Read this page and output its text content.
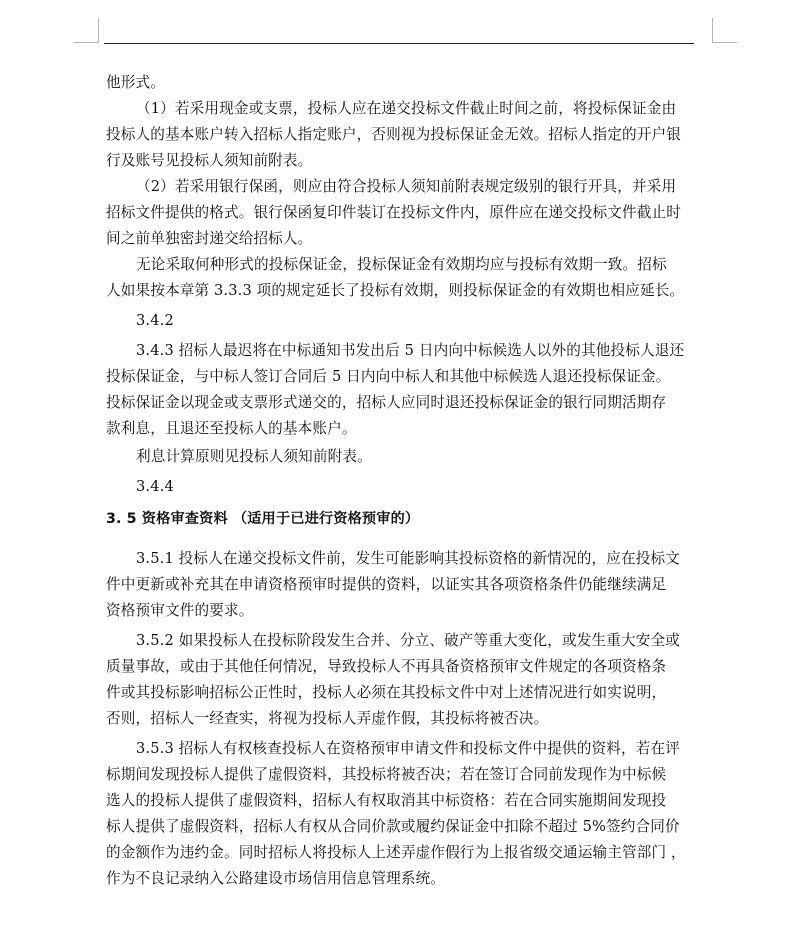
他形式。

（1）若采用现金或支票，投标人应在递交投标文件截止时间之前，将投标保证金由
投标人的基本账户转入招标人指定账户，否则视为投标保证金无效。招标人指定的开户银
行及账号见投标人须知前附表。

（2）若采用银行保函，则应由符合投标人须知前附表规定级别的银行开具，并采用
招标文件提供的格式。银行保函复印件装订在投标文件内，原件应在递交投标文件截止时
间之前单独密封递交给招标人。

无论采取何种形式的投标保证金，投标保证金有效期均应与投标有效期一致。招标
人如果按本章第 3.3.3 项的规定延长了投标有效期，则投标保证金的有效期也相应延长。

3.4.2

3.4.3 招标人最迟将在中标通知书发出后 5 日内向中标候选人以外的其他投标人退还
投标保证金，与中标人签订合同后 5 日内向中标人和其他中标候选人退还投标保证金。
投标保证金以现金或支票形式递交的，招标人应同时退还投标保证金的银行同期活期存
款利息，且退还至投标人的基本账户。

利息计算原则见投标人须知前附表。

3.4.4

3. 5 资格审查资料 （适用于已进行资格预审的）

3.5.1 投标人在递交投标文件前，发生可能影响其投标资格的新情况的，应在投标文
件中更新或补充其在申请资格预审时提供的资料，以证实其各项资格条件仍能继续满足
资格预审文件的要求。

3.5.2 如果投标人在投标阶段发生合并、分立、破产等重大变化，或发生重大安全或
质量事故，或由于其他任何情况，导致投标人不再具备资格预审文件规定的各项资格条
件或其投标影响招标公正性时，投标人必须在其投标文件中对上述情况进行如实说明，
否则，招标人一经查实，将视为投标人弄虚作假，其投标将被否决。

3.5.3 招标人有权核查投标人在资格预审申请文件和投标文件中提供的资料，若在评
标期间发现投标人提供了虚假资料，其投标将被否决；若在签订合同前发现作为中标候
选人的投标人提供了虚假资料，招标人有权取消其中标资格：若在合同实施期间发现投
标人提供了虚假资料，招标人有权从合同价款或履约保证金中扣除不超过 5%签约合同价
的金额作为违约金。同时招标人将投标人上述弄虚作假行为上报省级交通运输主管部门 ，
作为不良记录纳入公路建设市场信用信息管理系统。
